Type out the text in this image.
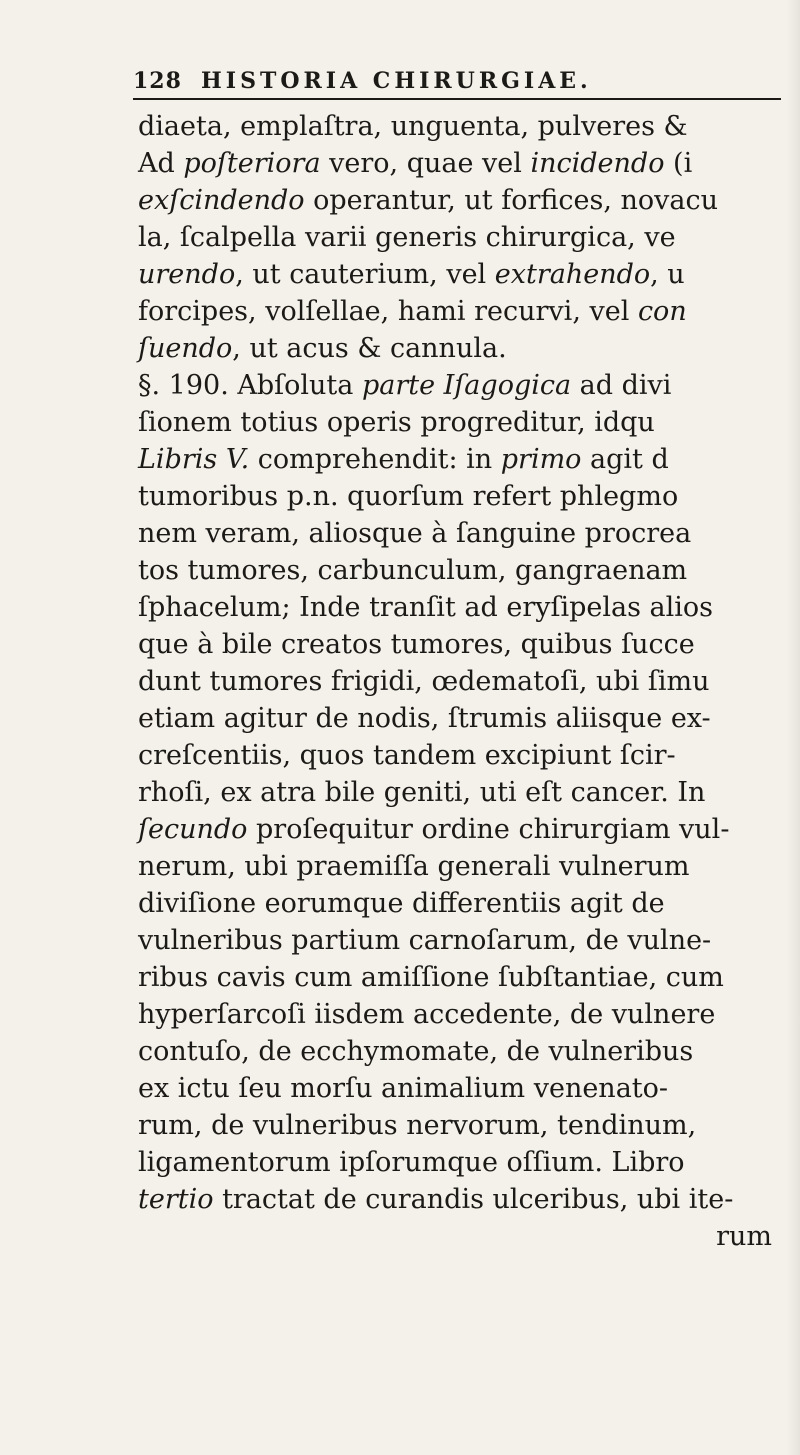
128 HISTORIA CHIRURGIAE.
diaeta, emplaſtra, unguenta, pulveres &
Ad poſteriora vero, quae vel incidendo (i
exſcindendo operantur, ut forfices, novacu
la, ſcalpella varii generis chirurgica, ve
urendo, ut cauterium, vel extrahendo, u
forcipes, volſellae, hami recurvi, vel con
ſuendo, ut acus & cannula.
§. 190. Abſoluta parte Iſagogica ad divi
ſionem totius operis progreditur, idqu
Libris V. comprehendit: in primo agit d
tumoribus p.n. quorſum refert phlegmo
nem veram, aliosque à ſanguine procrea
tos tumores, carbunculum, gangraenam
ſphacelum; Inde tranſit ad eryſipelas alios
que à bile creatos tumores, quibus ſucce
dunt tumores frigidi, œdematoſi, ubi ſimu
etiam agitur de nodis, ſtrumis aliisque ex-
creſcentiis, quos tandem excipiunt ſcir-
rhoſi, ex atra bile geniti, uti eſt cancer. In
ſecundo proſequitur ordine chirurgiam vul-
nerum, ubi praemiſſa generali vulnerum
diviſione eorumque differentiis agit de
vulneribus partium carnoſarum, de vulne-
ribus cavis cum amiſſione ſubſtantiae, cum
hyperſarcoſi iisdem accedente, de vulnere
contuſo, de ecchymomate, de vulneribus
ex ictu ſeu morſu animalium venenato-
rum, de vulneribus nervorum, tendinum,
ligamentorum ipſorumque oſſium. Libro
tertio tractat de curandis ulceribus, ubi ite-
rum
